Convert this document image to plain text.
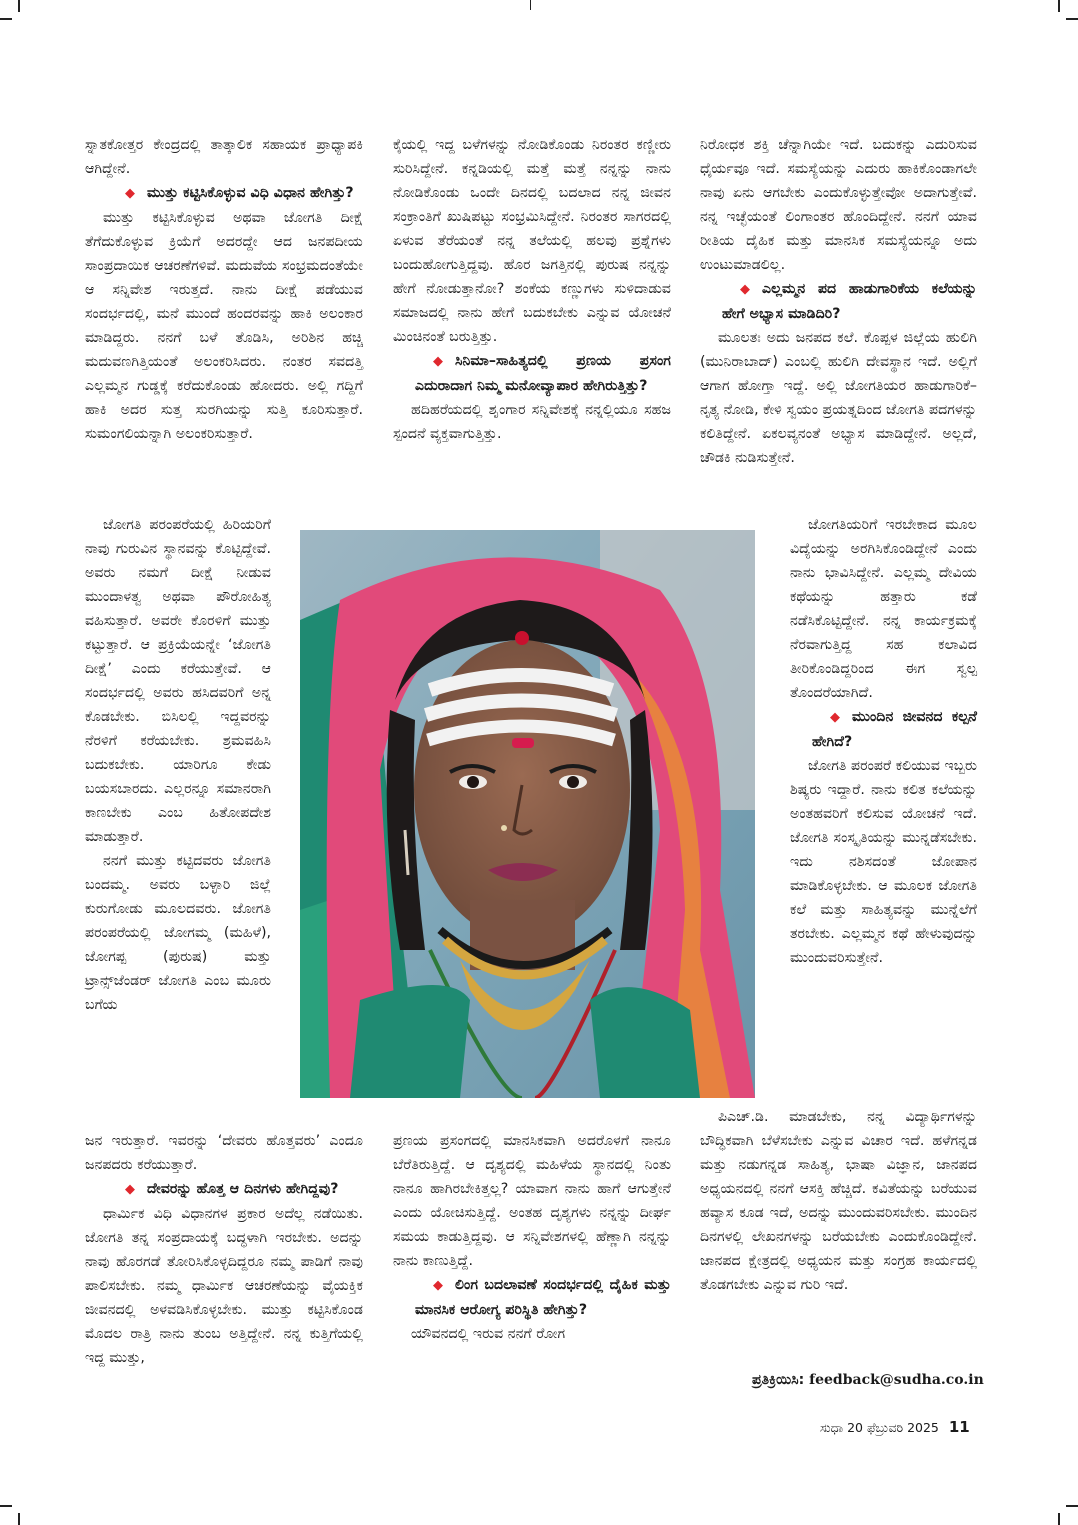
ಸ್ನಾತಕೋತ್ತರ ಕೇಂದ್ರದಲ್ಲಿ ತಾತ್ಕಾಲಿಕ ಸಹಾಯಕ ಪ್ರಾಧ್ಯಾಪಕಿ ಆಗಿದ್ದೇನೆ.

◆ ಮುತ್ತು ಕಟ್ಟಿಸಿಕೊಳ್ಳುವ ವಿಧಿ ವಿಧಾನ ಹೇಗಿತ್ತು?

ಮುತ್ತು ಕಟ್ಟಿಸಿಕೊಳ್ಳುವ ಅಥವಾ ಜೋಗತಿ ದೀಕ್ಷೆ ತೆಗೆದುಕೊಳ್ಳುವ ಕ್ರಿಯೆಗೆ ಅದರದ್ದೇ ಆದ ಜನಪದೀಯ ಸಾಂಪ್ರದಾಯಿಕ ಆಚರಣೆಗಳಿವೆ. ಮದುವೆಯ ಸಂಭ್ರಮದಂತೆಯೇ ಆ ಸನ್ನಿವೇಶ ಇರುತ್ತದೆ. ನಾನು ದೀಕ್ಷೆ ಪಡೆಯುವ ಸಂದರ್ಭದಲ್ಲಿ, ಮನೆ ಮುಂದೆ ಹಂದರವನ್ನು ಹಾಕಿ ಅಲಂಕಾರ ಮಾಡಿದ್ದರು. ನನಗೆ ಬಳೆ ತೊಡಿಸಿ, ಅರಿಶಿನ ಹಚ್ಚಿ ಮದುವಣಗಿತ್ತಿಯಂತೆ ಅಲಂಕರಿಸಿದರು. ನಂತರ ಸವದತ್ತಿ ಎಲ್ಲಮ್ಮನ ಗುಡ್ಡಕ್ಕೆ ಕರೆದುಕೊಂಡು ಹೋದರು. ಅಲ್ಲಿ ಗದ್ದಿಗೆ ಹಾಕಿ ಅದರ ಸುತ್ತ ಸುರಗಿಯನ್ನು ಸುತ್ತಿ ಕೂರಿಸುತ್ತಾರೆ. ಸುಮಂಗಲಿಯನ್ನಾಗಿ ಅಲಂಕರಿಸುತ್ತಾರೆ.

ಜೋಗತಿ ಪರಂಪರೆಯಲ್ಲಿ ಹಿರಿಯರಿಗೆ ನಾವು ಗುರುವಿನ ಸ್ಥಾನವನ್ನು ಕೊಟ್ಟಿದ್ದೇವೆ. ಅವರು ನಮಗೆ ದೀಕ್ಷೆ ನೀಡುವ ಮುಂದಾಳತ್ವ ಅಥವಾ ಪೌರೋಹಿತ್ಯ ವಹಿಸುತ್ತಾರೆ. ಅವರೇ ಕೊರಳಿಗೆ ಮುತ್ತು ಕಟ್ಟುತ್ತಾರೆ. ಆ ಪ್ರಕ್ರಿಯೆಯನ್ನೇ ‘ಜೋಗತಿ ದೀಕ್ಷೆ’ ಎಂದು ಕರೆಯುತ್ತೇವೆ. ಆ ಸಂದರ್ಭದಲ್ಲಿ ಅವರು ಹಸಿದವರಿಗೆ ಅನ್ನ ಕೊಡಬೇಕು. ಬಿಸಿಲಲ್ಲಿ ಇದ್ದವರನ್ನು ನೆರಳಿಗೆ ಕರೆಯಬೇಕು. ಶ್ರಮವಹಿಸಿ ಬದುಕಬೇಕು. ಯಾರಿಗೂ ಕೇಡು ಬಯಸಬಾರದು. ಎಲ್ಲರನ್ನೂ ಸಮಾನರಾಗಿ ಕಾಣಬೇಕು ಎಂಬ ಹಿತೋಪದೇಶ ಮಾಡುತ್ತಾರೆ.

ನನಗೆ ಮುತ್ತು ಕಟ್ಟಿದವರು ಜೋಗತಿ ಬಂದಮ್ಮ. ಅವರು ಬಳ್ಳಾರಿ ಜಿಲ್ಲೆ ಕುರುಗೋಡು ಮೂಲದವರು. ಜೋಗತಿ ಪರಂಪರೆಯಲ್ಲಿ ಜೋಗಮ್ಮ (ಮಹಿಳೆ), ಜೋಗಪ್ಪ (ಪುರುಷ) ಮತ್ತು ಟ್ರಾನ್ಸ್‌ಜೆಂಡರ್ ಜೋಗತಿ ಎಂಬ ಮೂರು ಬಗೆಯ

ಜನ ಇರುತ್ತಾರೆ. ಇವರನ್ನು ‘ದೇವರು ಹೊತ್ತವರು’ ಎಂದೂ ಜನಪದರು ಕರೆಯುತ್ತಾರೆ.

◆ ದೇವರನ್ನು ಹೊತ್ತ ಆ ದಿನಗಳು ಹೇಗಿದ್ದವು?

ಧಾರ್ಮಿಕ ವಿಧಿ ವಿಧಾನಗಳ ಪ್ರಕಾರ ಅದೆಲ್ಲ ನಡೆಯಿತು. ಜೋಗತಿ ತನ್ನ ಸಂಪ್ರದಾಯಕ್ಕೆ ಬದ್ಧಳಾಗಿ ಇರಬೇಕು. ಅದನ್ನು ನಾವು ಹೊರಗಡೆ ತೋರಿಸಿಕೊಳ್ಳದಿದ್ದರೂ ನಮ್ಮ ಪಾಡಿಗೆ ನಾವು ಪಾಲಿಸಬೇಕು. ನಮ್ಮ ಧಾರ್ಮಿಕ ಆಚರಣೆಯನ್ನು ವೈಯಕ್ತಿಕ ಜೀವನದಲ್ಲಿ ಅಳವಡಿಸಿಕೊಳ್ಳಬೇಕು. ಮುತ್ತು ಕಟ್ಟಿಸಿಕೊಂಡ ಮೊದಲ ರಾತ್ರಿ ನಾನು ತುಂಬ ಅತ್ತಿದ್ದೇನೆ. ನನ್ನ ಕುತ್ತಿಗೆಯಲ್ಲಿ ಇದ್ದ ಮುತ್ತು,

ಕೈಯಲ್ಲಿ ಇದ್ದ ಬಳೆಗಳನ್ನು ನೋಡಿಕೊಂಡು ನಿರಂತರ ಕಣ್ಣೀರು ಸುರಿಸಿದ್ದೇನೆ. ಕನ್ನಡಿಯಲ್ಲಿ ಮತ್ತೆ ಮತ್ತೆ ನನ್ನನ್ನು ನಾನು ನೋಡಿಕೊಂಡು ಒಂದೇ ದಿನದಲ್ಲಿ ಬದಲಾದ ನನ್ನ ಜೀವನ ಸಂಕ್ರಾಂತಿಗೆ ಖುಷಿಪಟ್ಟು ಸಂಭ್ರಮಿಸಿದ್ದೇನೆ. ನಿರಂತರ ಸಾಗರದಲ್ಲಿ ಏಳುವ ತೆರೆಯಂತೆ ನನ್ನ ತಲೆಯಲ್ಲಿ ಹಲವು ಪ್ರಶ್ನೆಗಳು ಬಂದುಹೋಗುತ್ತಿದ್ದವು. ಹೊರ ಜಗತ್ತಿನಲ್ಲಿ ಪುರುಷ ನನ್ನನ್ನು ಹೇಗೆ ನೋಡುತ್ತಾನೋ? ಶಂಕೆಯ ಕಣ್ಣುಗಳು ಸುಳಿದಾಡುವ ಸಮಾಜದಲ್ಲಿ ನಾನು ಹೇಗೆ ಬದುಕಬೇಕು ಎನ್ನುವ ಯೋಚನೆ ಮಿಂಚಿನಂತೆ ಬರುತ್ತಿತ್ತು.

◆ ಸಿನಿಮಾ–ಸಾಹಿತ್ಯದಲ್ಲಿ ಪ್ರಣಯ ಪ್ರಸಂಗ ಎದುರಾದಾಗ ನಿಮ್ಮ ಮನೋವ್ಯಾಪಾರ ಹೇಗಿರುತ್ತಿತ್ತು?

ಹದಿಹರೆಯದಲ್ಲಿ ಶೃಂಗಾರ ಸನ್ನಿವೇಶಕ್ಕೆ ನನ್ನಲ್ಲಿಯೂ ಸಹಜ ಸ್ಪಂದನೆ ವ್ಯಕ್ತವಾಗುತ್ತಿತ್ತು.

ಪ್ರಣಯ ಪ್ರಸಂಗದಲ್ಲಿ ಮಾನಸಿಕವಾಗಿ ಅದರೊಳಗೆ ನಾನೂ ಬೆರೆತಿರುತ್ತಿದ್ದೆ. ಆ ದೃಶ್ಯದಲ್ಲಿ ಮಹಿಳೆಯ ಸ್ಥಾನದಲ್ಲಿ ನಿಂತು ನಾನೂ ಹಾಗಿರಬೇಕಿತ್ತಲ್ಲ? ಯಾವಾಗ ನಾನು ಹಾಗೆ ಆಗುತ್ತೇನೆ ಎಂದು ಯೋಚಿಸುತ್ತಿದ್ದೆ. ಅಂತಹ ದೃಶ್ಯಗಳು ನನ್ನನ್ನು ದೀರ್ಘ ಸಮಯ ಕಾಡುತ್ತಿದ್ದವು. ಆ ಸನ್ನಿವೇಶಗಳಲ್ಲಿ ಹೆಣ್ಣಾಗಿ ನನ್ನನ್ನು ನಾನು ಕಾಣುತ್ತಿದ್ದೆ.

◆ ಲಿಂಗ ಬದಲಾವಣೆ ಸಂದರ್ಭದಲ್ಲಿ ದೈಹಿಕ ಮತ್ತು ಮಾನಸಿಕ ಆರೋಗ್ಯ ಪರಿಸ್ಥಿತಿ ಹೇಗಿತ್ತು?

ಯೌವನದಲ್ಲಿ ಇರುವ ನನಗೆ ರೋಗ

ನಿರೋಧಕ ಶಕ್ತಿ ಚೆನ್ನಾಗಿಯೇ ಇದೆ. ಬದುಕನ್ನು ಎದುರಿಸುವ ಧೈರ್ಯವೂ ಇದೆ. ಸಮಸ್ಯೆಯನ್ನು ಎದುರು ಹಾಕಿಕೊಂಡಾಗಲೇ ನಾವು ಏನು ಆಗಬೇಕು ಎಂದುಕೊಳ್ಳುತ್ತೇವೋ ಅದಾಗುತ್ತೇವೆ. ನನ್ನ ಇಚ್ಛೆಯಂತೆ ಲಿಂಗಾಂತರ ಹೊಂದಿದ್ದೇನೆ. ನನಗೆ ಯಾವ ರೀತಿಯ ದೈಹಿಕ ಮತ್ತು ಮಾನಸಿಕ ಸಮಸ್ಯೆಯನ್ನೂ ಅದು ಉಂಟುಮಾಡಲಿಲ್ಲ.

◆ ಎಲ್ಲಮ್ಮನ ಪದ ಹಾಡುಗಾರಿಕೆಯ ಕಲೆಯನ್ನು ಹೇಗೆ ಅಭ್ಯಾಸ ಮಾಡಿದಿರಿ?

ಮೂಲತಃ ಅದು ಜನಪದ ಕಲೆ. ಕೊಪ್ಪಳ ಜಿಲ್ಲೆಯ ಹುಲಿಗಿ (ಮುನಿರಾಬಾದ್) ಎಂಬಲ್ಲಿ ಹುಲಿಗಿ ದೇವಸ್ಥಾನ ಇದೆ. ಅಲ್ಲಿಗೆ ಆಗಾಗ ಹೋಗ್ತಾ ಇದ್ದೆ. ಅಲ್ಲಿ ಜೋಗತಿಯರ ಹಾಡುಗಾರಿಕೆ–ನೃತ್ಯ ನೋಡಿ, ಕೇಳಿ ಸ್ವಯಂ ಪ್ರಯತ್ನದಿಂದ ಜೋಗತಿ ಪದಗಳನ್ನು ಕಲಿತಿದ್ದೇನೆ. ಏಕಲವ್ಯನಂತೆ ಅಭ್ಯಾಸ ಮಾಡಿದ್ದೇನೆ. ಅಲ್ಲದೆ, ಚೌಡಕಿ ನುಡಿಸುತ್ತೇನೆ.

ಜೋಗತಿಯರಿಗೆ ಇರಬೇಕಾದ ಮೂಲ ವಿದ್ಯೆಯನ್ನು ಅರಗಿಸಿಕೊಂಡಿದ್ದೇನೆ ಎಂದು ನಾನು ಭಾವಿಸಿದ್ದೇನೆ. ಎಲ್ಲಮ್ಮ ದೇವಿಯ ಕಥೆಯನ್ನು ಹತ್ತಾರು ಕಡೆ ನಡೆಸಿಕೊಟ್ಟಿದ್ದೇನೆ. ನನ್ನ ಕಾರ್ಯಕ್ರಮಕ್ಕೆ ನೆರವಾಗುತ್ತಿದ್ದ ಸಹ ಕಲಾವಿದ ತೀರಿಕೊಂಡಿದ್ದರಿಂದ ಈಗ ಸ್ವಲ್ಪ ತೊಂದರೆಯಾಗಿದೆ.

◆ ಮುಂದಿನ ಜೀವನದ ಕಲ್ಪನೆ ಹೇಗಿದೆ?

ಜೋಗತಿ ಪರಂಪರೆ ಕಲಿಯುವ ಇಬ್ಬರು ಶಿಷ್ಯರು ಇದ್ದಾರೆ. ನಾನು ಕಲಿತ ಕಲೆಯನ್ನು ಅಂತಹವರಿಗೆ ಕಲಿಸುವ ಯೋಚನೆ ಇದೆ. ಜೋಗತಿ ಸಂಸ್ಕೃತಿಯನ್ನು ಮುನ್ನಡೆಸಬೇಕು. ಇದು ನಶಿಸದಂತೆ ಜೋಪಾನ ಮಾಡಿಕೊಳ್ಳಬೇಕು. ಆ ಮೂಲಕ ಜೋಗತಿ ಕಲೆ ಮತ್ತು ಸಾಹಿತ್ಯವನ್ನು ಮುನ್ನೆಲೆಗೆ ತರಬೇಕು. ಎಲ್ಲಮ್ಮನ ಕಥೆ ಹೇಳುವುದನ್ನು ಮುಂದುವರಿಸುತ್ತೇನೆ.

ಪಿಎಚ್.ಡಿ. ಮಾಡಬೇಕು, ನನ್ನ ವಿದ್ಯಾರ್ಥಿಗಳನ್ನು ಬೌದ್ಧಿಕವಾಗಿ ಬೆಳೆಸಬೇಕು ಎನ್ನುವ ವಿಚಾರ ಇದೆ. ಹಳೆಗನ್ನಡ ಮತ್ತು ನಡುಗನ್ನಡ ಸಾಹಿತ್ಯ, ಭಾಷಾ ವಿಜ್ಞಾನ, ಜಾನಪದ ಅಧ್ಯಯನದಲ್ಲಿ ನನಗೆ ಆಸಕ್ತಿ ಹೆಚ್ಚಿದೆ. ಕವಿತೆಯನ್ನು ಬರೆಯುವ ಹವ್ಯಾಸ ಕೂಡ ಇದೆ, ಅದನ್ನು ಮುಂದುವರಿಸಬೇಕು. ಮುಂದಿನ ದಿನಗಳಲ್ಲಿ ಲೇಖನಗಳನ್ನು ಬರೆಯಬೇಕು ಎಂದುಕೊಂಡಿದ್ದೇನೆ. ಜಾನಪದ ಕ್ಷೇತ್ರದಲ್ಲಿ ಅಧ್ಯಯನ ಮತ್ತು ಸಂಗ್ರಹ ಕಾರ್ಯದಲ್ಲಿ ತೊಡಗಬೇಕು ಎನ್ನುವ ಗುರಿ ಇದೆ.

ಪ್ರತಿಕ್ರಿಯಿಸಿ: feedback@sudha.co.in
ಸುಧಾ 20 ಫೆಬ್ರುವರಿ 2025 11
